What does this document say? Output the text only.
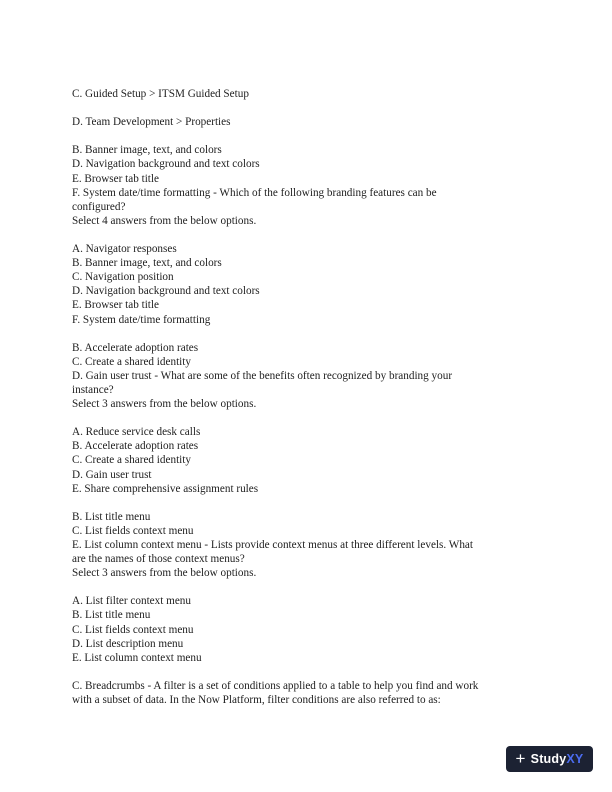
C. Guided Setup > ITSM Guided Setup
D. Team Development > Properties
B. Banner image, text, and colors
D. Navigation background and text colors
E. Browser tab title
F. System date/time formatting - Which of the following branding features can be
configured?
Select 4 answers from the below options.
A. Navigator responses
B. Banner image, text, and colors
C. Navigation position
D. Navigation background and text colors
E. Browser tab title
F. System date/time formatting
B. Accelerate adoption rates
C. Create a shared identity
D. Gain user trust - What are some of the benefits often recognized by branding your
instance?
Select 3 answers from the below options.
A. Reduce service desk calls
B. Accelerate adoption rates
C. Create a shared identity
D. Gain user trust
E. Share comprehensive assignment rules
B. List title menu
C. List fields context menu
E. List column context menu - Lists provide context menus at three different levels. What
are the names of those context menus?
Select 3 answers from the below options.
A. List filter context menu
B. List title menu
C. List fields context menu
D. List description menu
E. List column context menu
C. Breadcrumbs - A filter is a set of conditions applied to a table to help you find and work
with a subset of data. In the Now Platform, filter conditions are also referred to as:
+ StudyXY
